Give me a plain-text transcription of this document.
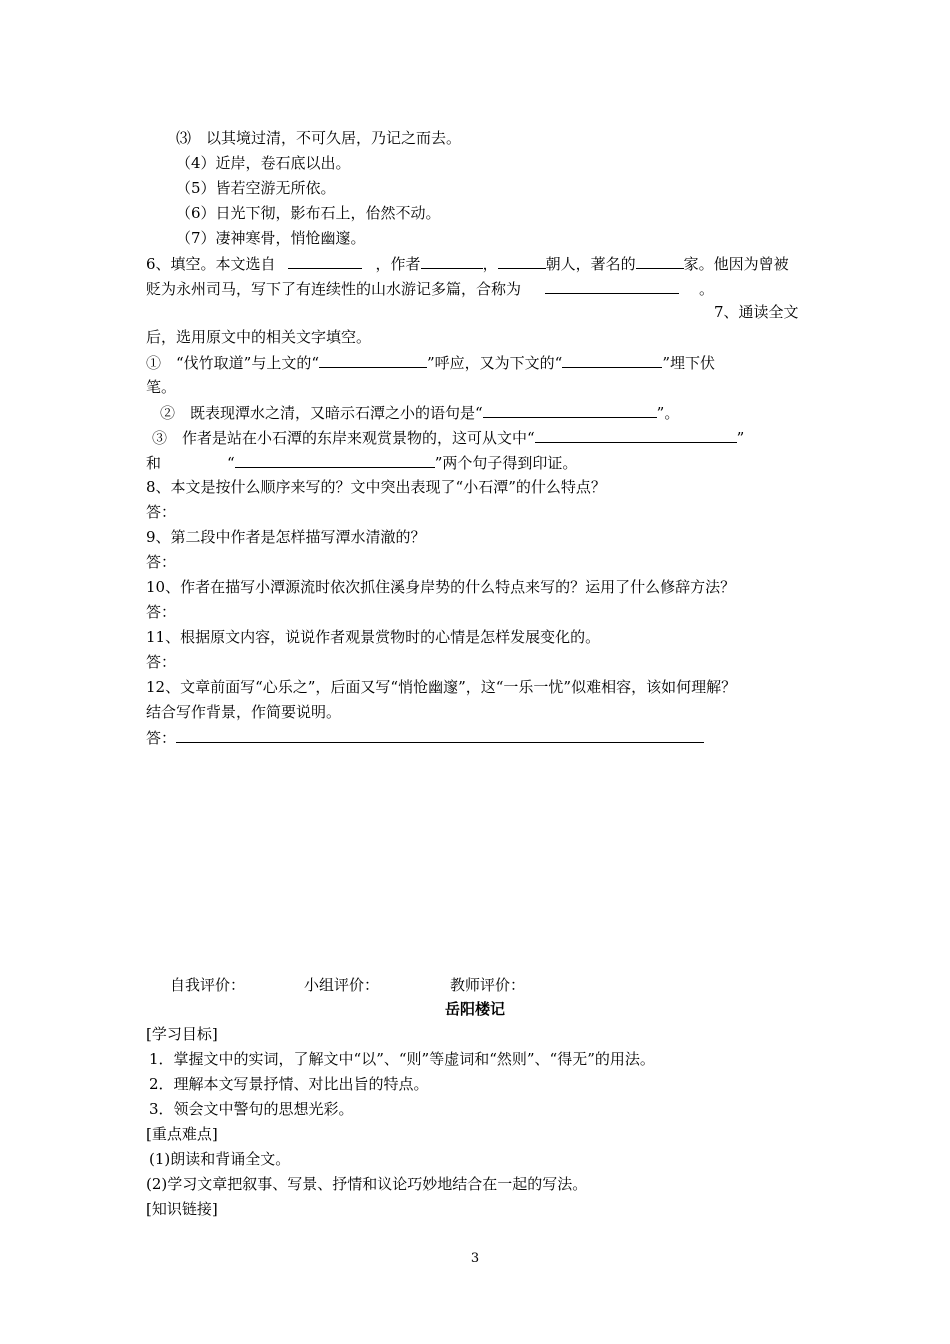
⑶　以其境过清，不可久居，乃记之而去。
（4）近岸，卷石底以出。
（5）皆若空游无所依。
（6）日光下彻，影布石上，佁然不动。
（7）凄神寒骨，悄怆幽邃。
6、填空。本文选自	，作者	，	朝人，著名的	家。他因为曾被
贬为永州司马，写下了有连续性的山水游记多篇，合称为	。
7、通读全文
后，选用原文中的相关文字填空。
①　“伐竹取道”与上文的“	”呼应，又为下文的“	”埋下伏
笔。
②　既表现潭水之清，又暗示石潭之小的语句是“	”。
③　作者是站在小石潭的东岸来观赏景物的，这可从文中“	”
和	“	”两个句子得到印证。
8、本文是按什么顺序来写的？文中突出表现了“小石潭”的什么特点？
答：
9、第二段中作者是怎样描写潭水清澈的？
答：
10、作者在描写小潭源流时依次抓住溪身岸势的什么特点来写的？运用了什么修辞方法？
答：
11、根据原文内容，说说作者观景赏物时的心情是怎样发展变化的。
答：
12、文章前面写“心乐之”，后面又写“悄怆幽邃”，这“一乐一忧”似难相容，该如何理解？
结合写作背景，作简要说明。
答：
自我评价：	小组评价：	教师评价：
岳阳楼记
[学习目标]
1．掌握文中的实词，了解文中“以”、“则”等虚词和“然则”、“得无”的用法。
2．理解本文写景抒情、对比出旨的特点。
3．领会文中警句的思想光彩。
[重点难点]
(1)朗读和背诵全文。
(2)学习文章把叙事、写景、抒情和议论巧妙地结合在一起的写法。
[知识链接]
3
